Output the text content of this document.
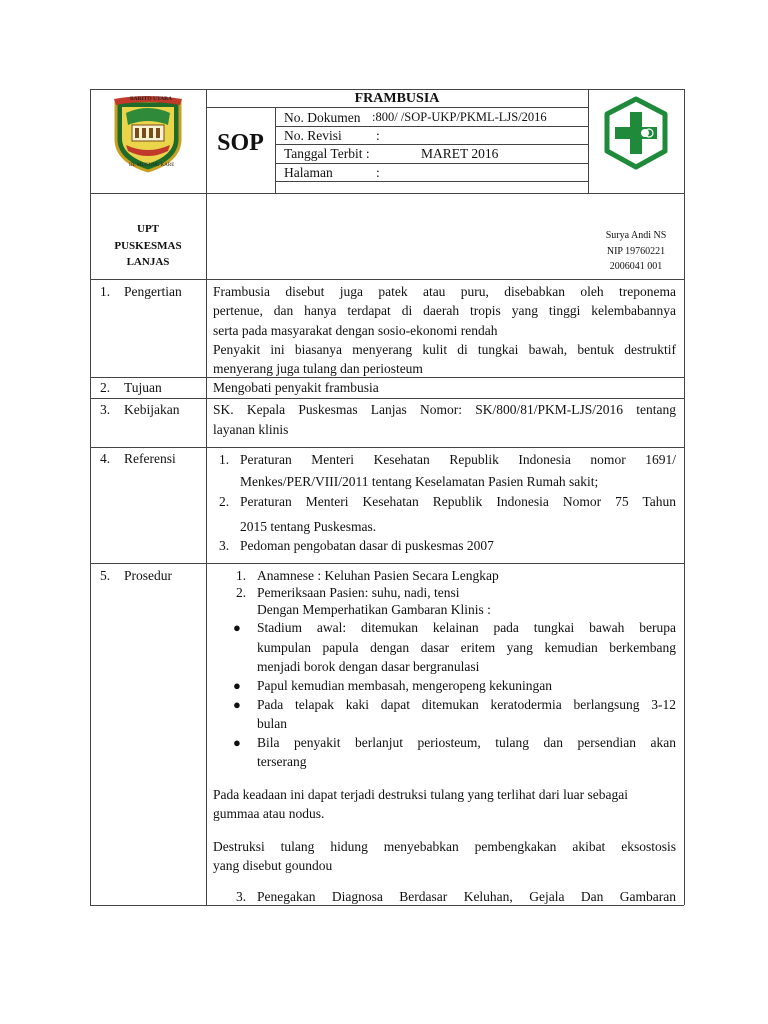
BARITO UTARA
IJE MUNUNG KARE
FRAMBUSIA
SOP
No. Dokumen :800/ /SOP-UKP/PKML-LJS/2016
No. Revisi	:
Tanggal Terbit :	MARET 2016
Halaman	:
UPT
PUSKESMAS
LANJAS
Surya Andi NS
NIP 19760221
2006041 001
1. Pengertian Frambusia disebut juga patek atau puru, disebabkan oleh treponema
pertenue, dan hanya terdapat di daerah tropis yang tinggi kelembabannya
serta pada masyarakat dengan sosio-ekonomi rendah
Penyakit ini biasanya menyerang kulit di tungkai bawah, bentuk destruktif
menyerang juga tulang dan periosteum
2. Tujuan	Mengobati penyakit frambusia
3. Kebijakan SK. Kepala Puskesmas Lanjas Nomor: SK/800/81/PKM-LJS/2016 tentang
layanan klinis
4. Referensi	1. Peraturan Menteri Kesehatan Republik Indonesia nomor 1691/
Menkes/PER/VIII/2011 tentang Keselamatan Pasien Rumah sakit;
2. Peraturan Menteri Kesehatan Republik Indonesia Nomor 75 Tahun
2015 tentang Puskesmas.
3. Pedoman pengobatan dasar di puskesmas 2007
5. Prosedur	1. Anamnese : Keluhan Pasien Secara Lengkap
2. Pemeriksaan Pasien: suhu, nadi, tensi
Dengan Memperhatikan Gambaran Klinis :
● Stadium awal: ditemukan kelainan pada tungkai bawah berupa
kumpulan papula dengan dasar eritem yang kemudian berkembang
menjadi borok dengan dasar bergranulasi
● Papul kemudian membasah, mengeropeng kekuningan
● Pada telapak kaki dapat ditemukan keratodermia berlangsung 3-12
bulan
● Bila penyakit berlanjut periosteum, tulang dan persendian akan
terserang
Pada keadaan ini dapat terjadi destruksi tulang yang terlihat dari luar sebagai
gummaa atau nodus.
Destruksi tulang hidung menyebabkan pembengkakan akibat eksostosis
yang disebut goundou
3. Penegakan Diagnosa Berdasar Keluhan, Gejala Dan Gambaran
